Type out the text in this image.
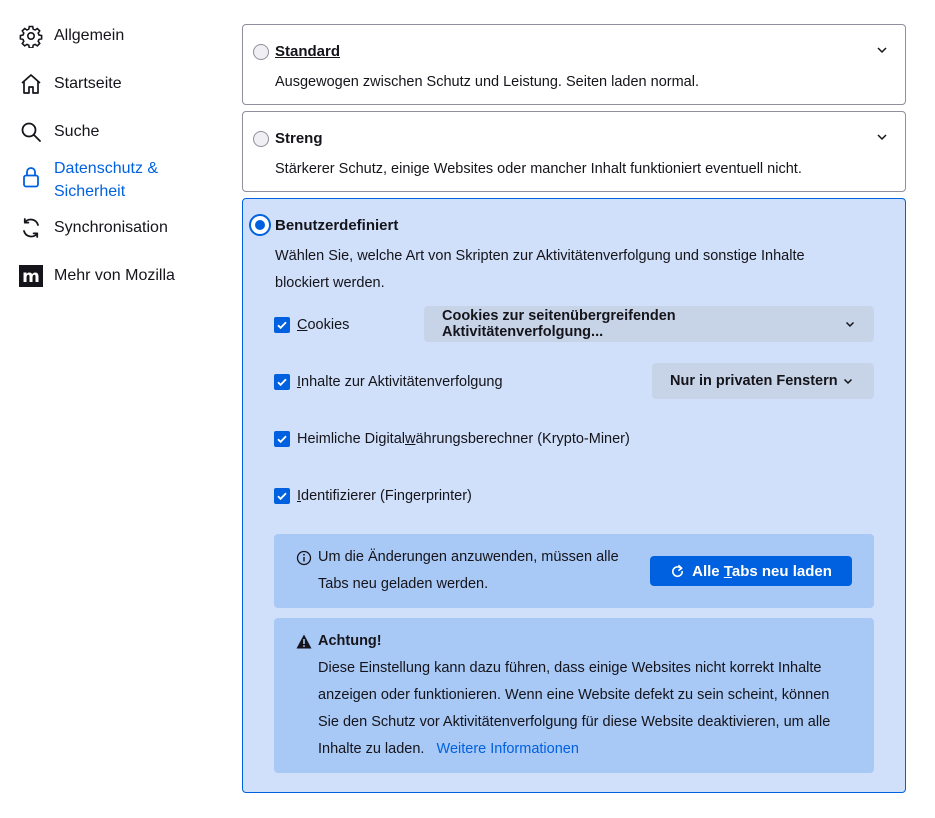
Allgemein
Startseite
Suche
Datenschutz & Sicherheit
Synchronisation
m Mehr von Mozilla
Standard
Ausgewogen zwischen Schutz und Leistung. Seiten laden normal.
Streng
Stärkerer Schutz, einige Websites oder mancher Inhalt funktioniert eventuell nicht.
Benutzerdefiniert
Wählen Sie, welche Art von Skripten zur Aktivitätenverfolgung und sonstige Inhalte
blockiert werden.
Cookies
Cookies zur seitenübergreifenden Aktivitätenverfolgung...
Inhalte zur Aktivitätenverfolgung	Nur in privaten Fenstern
Heimliche Digitalwährungsberechner (Krypto-Miner)
Identifizierer (Fingerprinter)
Um die Änderungen anzuwenden, müssen alle
Tabs neu geladen werden.
Alle Tabs neu laden
Achtung!
Diese Einstellung kann dazu führen, dass einige Websites nicht korrekt Inhalte
anzeigen oder funktionieren. Wenn eine Website defekt zu sein scheint, können
Sie den Schutz vor Aktivitätenverfolgung für diese Website deaktivieren, um alle
Inhalte zu laden. Weitere Informationen
